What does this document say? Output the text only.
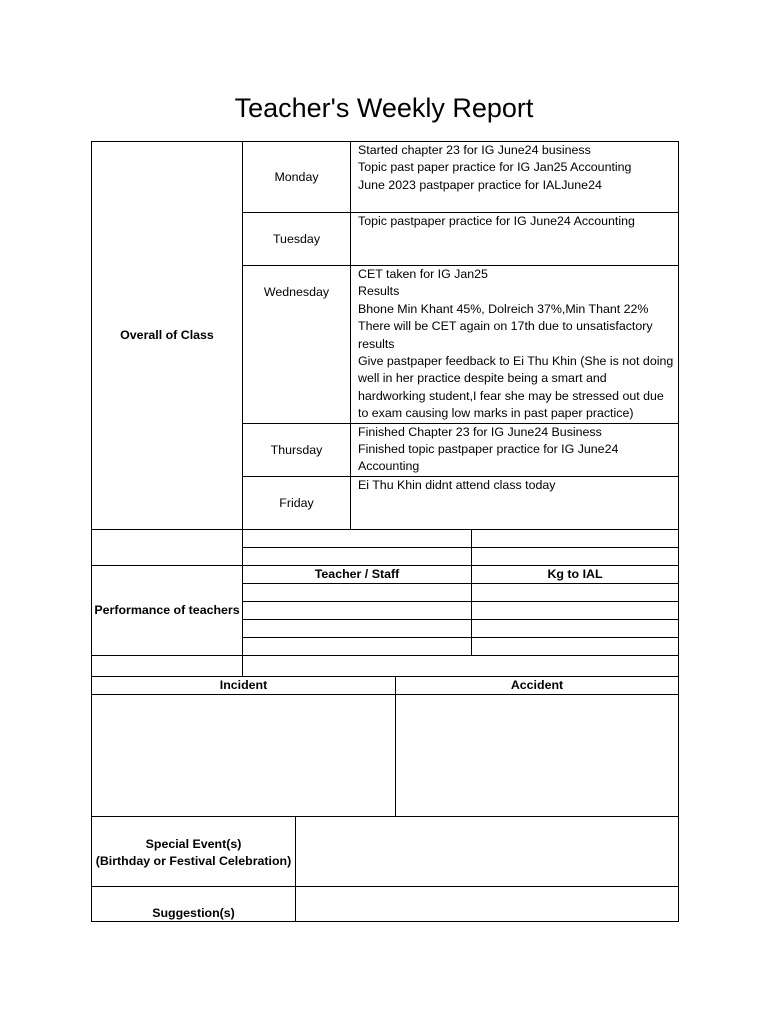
Teacher's Weekly Report
Overall of Class	Monday	Started chapter 23 for IG June24 business
Topic past paper practice for IG Jan25 Accounting
June 2023 pastpaper practice for IALJune24	

	Tuesday	Topic pastpaper practice for IG June24 Accounting	

	Wednesday	CET taken for IG Jan25
Results
Bhone Min Khant 45%, Dolreich 37%,Min Thant 22%
There will be CET again on 17th due to unsatisfactory results
Give pastpaper feedback to Ei Thu Khin (She is not doing well in her practice despite being a smart and hardworking student,I fear she may be stressed out due to exam causing low marks in past paper practice)	

	Thursday	Finished Chapter 23 for IG June24 Business
Finished topic pastpaper practice for IG June24 Accounting	

	Friday	Ei Thu Khin didnt attend class today	

Performance of teachers	Teacher / Staff		Kg to IAL

Incident	Accident

Special Event(s)
(Birthday or Festival Celebration)	

Suggestion(s)	
